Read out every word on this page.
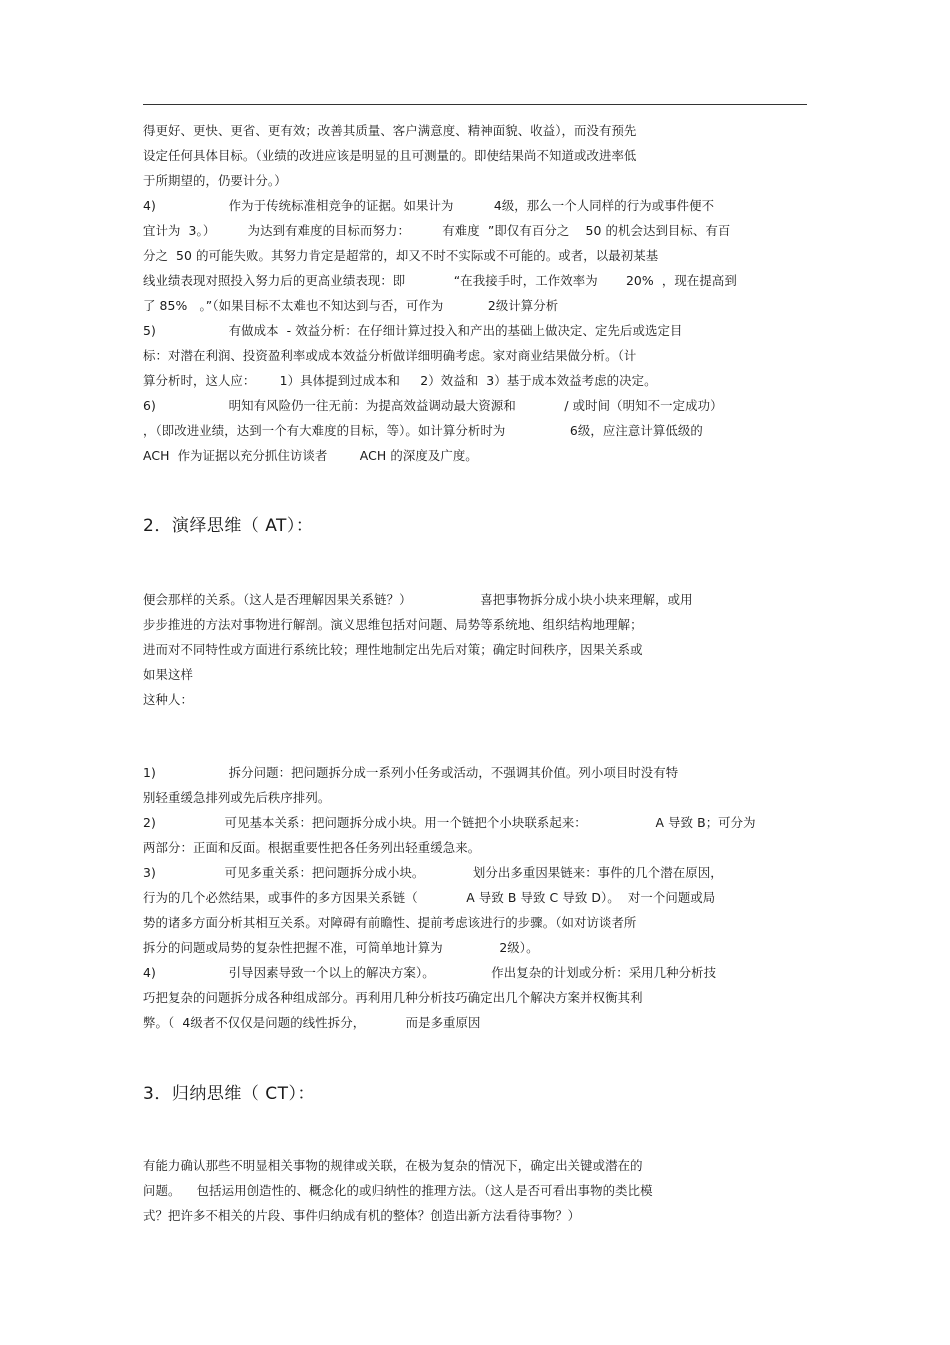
得更好、更快、更省、更有效；改善其质量、客户满意度、精神面貌、收益），而没有预先
设定任何具体目标。（业绩的改进应该是明显的且可测量的。即使结果尚不知道或改进率低
于所期望的，仍要计分。）
4)                  作为于传统标准相竞争的证据。如果计为          4级，那么一个人同样的行为或事件便不
宜计为  3。）        为达到有难度的目标而努力：        有难度  ”即仅有百分之    50 的机会达到目标、有百
分之  50 的可能失败。其努力肯定是超常的，却又不时不实际或不可能的。或者，以最初某基
线业绩表现对照投入努力后的更高业绩表现：即            “在我接手时，工作效率为       20%  ，现在提高到
了 85%   。”（如果目标不太难也不知达到与否，可作为           2级计算分析
5)                  有做成本  - 效益分析：在仔细计算过投入和产出的基础上做决定、定先后或选定目
标：对潜在利润、投资盈利率或成本效益分析做详细明确考虑。家对商业结果做分析。（计
算分析时，这人应：      1）具体提到过成本和     2）效益和  3）基于成本效益考虑的决定。
6)                  明知有风险仍一往无前：为提高效益调动最大资源和            / 或时间（明知不一定成功）
，（即改进业绩，达到一个有大难度的目标，等）。如计算分析时为                6级，应注意计算低级的
ACH  作为证据以充分抓住访谈者        ACH 的深度及广度。
2．演绎思维（ AT）：
便会那样的关系。（这人是否理解因果关系链？）                 喜把事物拆分成小块小块来理解，或用
步步推进的方法对事物进行解剖。演义思维包括对问题、局势等系统地、组织结构地理解；
进而对不同特性或方面进行系统比较；理性地制定出先后对策；确定时间秩序，因果关系或
如果这样
这种人：
1)                  拆分问题：把问题拆分成一系列小任务或活动，不强调其价值。列小项目时没有特
别轻重缓急排列或先后秩序排列。
2)                 可见基本关系：把问题拆分成小块。用一个链把个小块联系起来：                 A 导致 B；可分为
两部分：正面和反面。根据重要性把各任务列出轻重缓急来。
3)                 可见多重关系：把问题拆分成小块。            划分出多重因果链来：事件的几个潜在原因，
行为的几个必然结果，或事件的多方因果关系链（            A 导致 B 导致 C 导致 D）。  对一个问题或局
势的诸多方面分析其相互关系。对障碍有前瞻性、提前考虑该进行的步骤。（如对访谈者所
拆分的问题或局势的复杂性把握不准，可简单地计算为              2级）。
4)                  引导因素导致一个以上的解决方案）。              作出复杂的计划或分析：采用几种分析技
巧把复杂的问题拆分成各种组成部分。再利用几种分析技巧确定出几个解决方案并权衡其利
弊。（  4级者不仅仅是问题的线性拆分，          而是多重原因
3．归纳思维（ CT）：
有能力确认那些不明显相关事物的规律或关联，在极为复杂的情况下，确定出关键或潜在的
问题。    包括运用创造性的、概念化的或归纳性的推理方法。（这人是否可看出事物的类比模
式？把许多不相关的片段、事件归纳成有机的整体？创造出新方法看待事物？）
